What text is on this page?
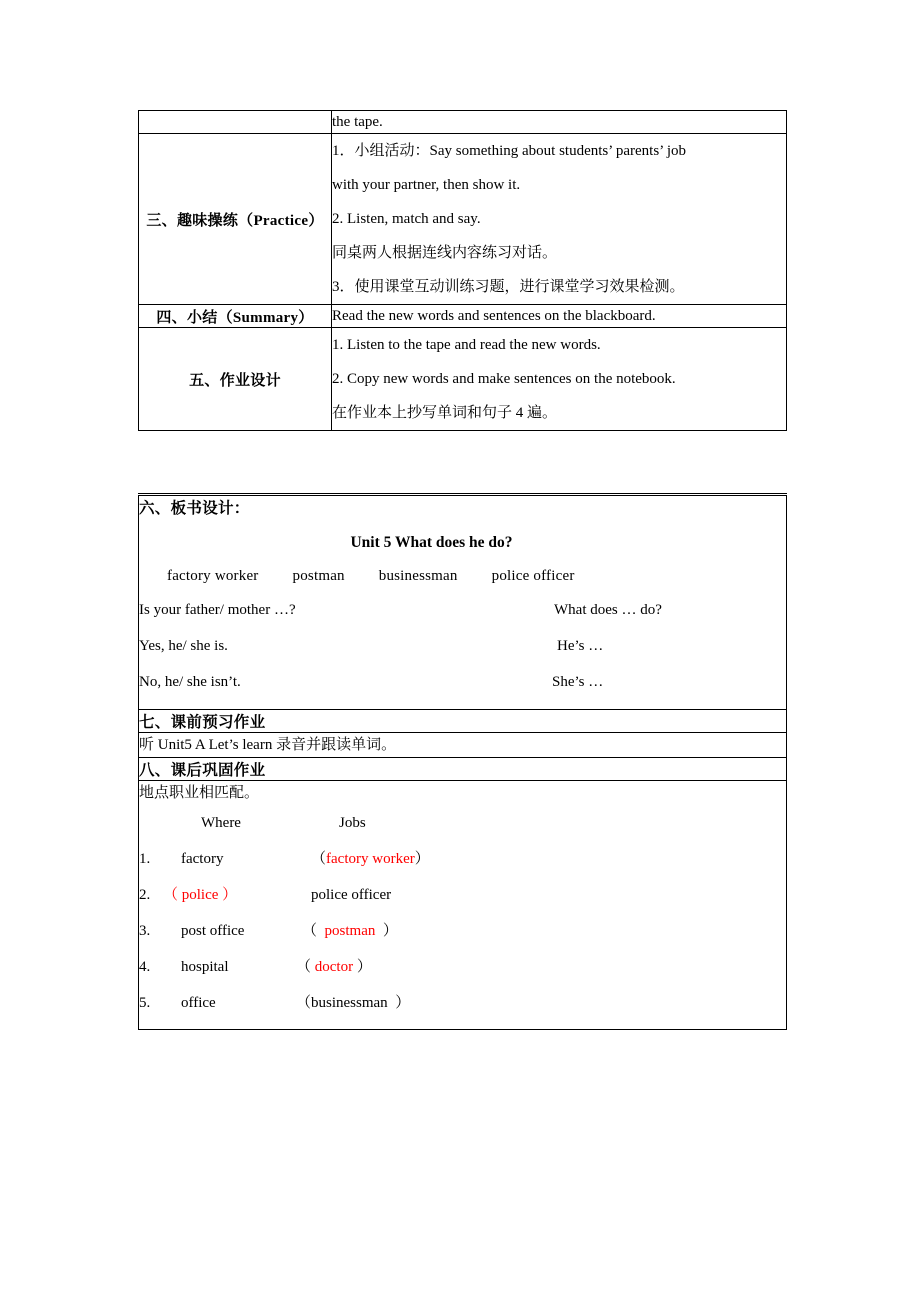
	the tape.
三、趣味操练（Practice）	1．小组活动：Say something about students’ parents’ job
with your partner, then show it.
2. Listen, match and say.
同桌两人根据连线内容练习对话。
3．使用课堂互动训练习题，进行课堂学习效果检测。

四、小结（Summary）	Read the new words and sentences on the blackboard.
五、作业设计	1. Listen to the tape and read the new words.
2. Copy new words and make sentences on the notebook.
在作业本上抄写单词和句子 4 遍。
六、板书设计：
Unit 5 What does he do?
factory worker postman businessman police officer
Is your father/ mother …?	What does … do?
Yes, he/ she is.	He’s …
No, he/ she isn’t.	She’s …

七、课前预习作业
听 Unit5 A Let’s learn 录音并跟读单词。
八、课后巩固作业

地点职业相匹配。
Where	Jobs
1. factory	（factory worker）
2. （ police ）	police officer
3. post office	（  postman  ）
4. hospital	（ doctor ）
5. office	（businessman  ）
